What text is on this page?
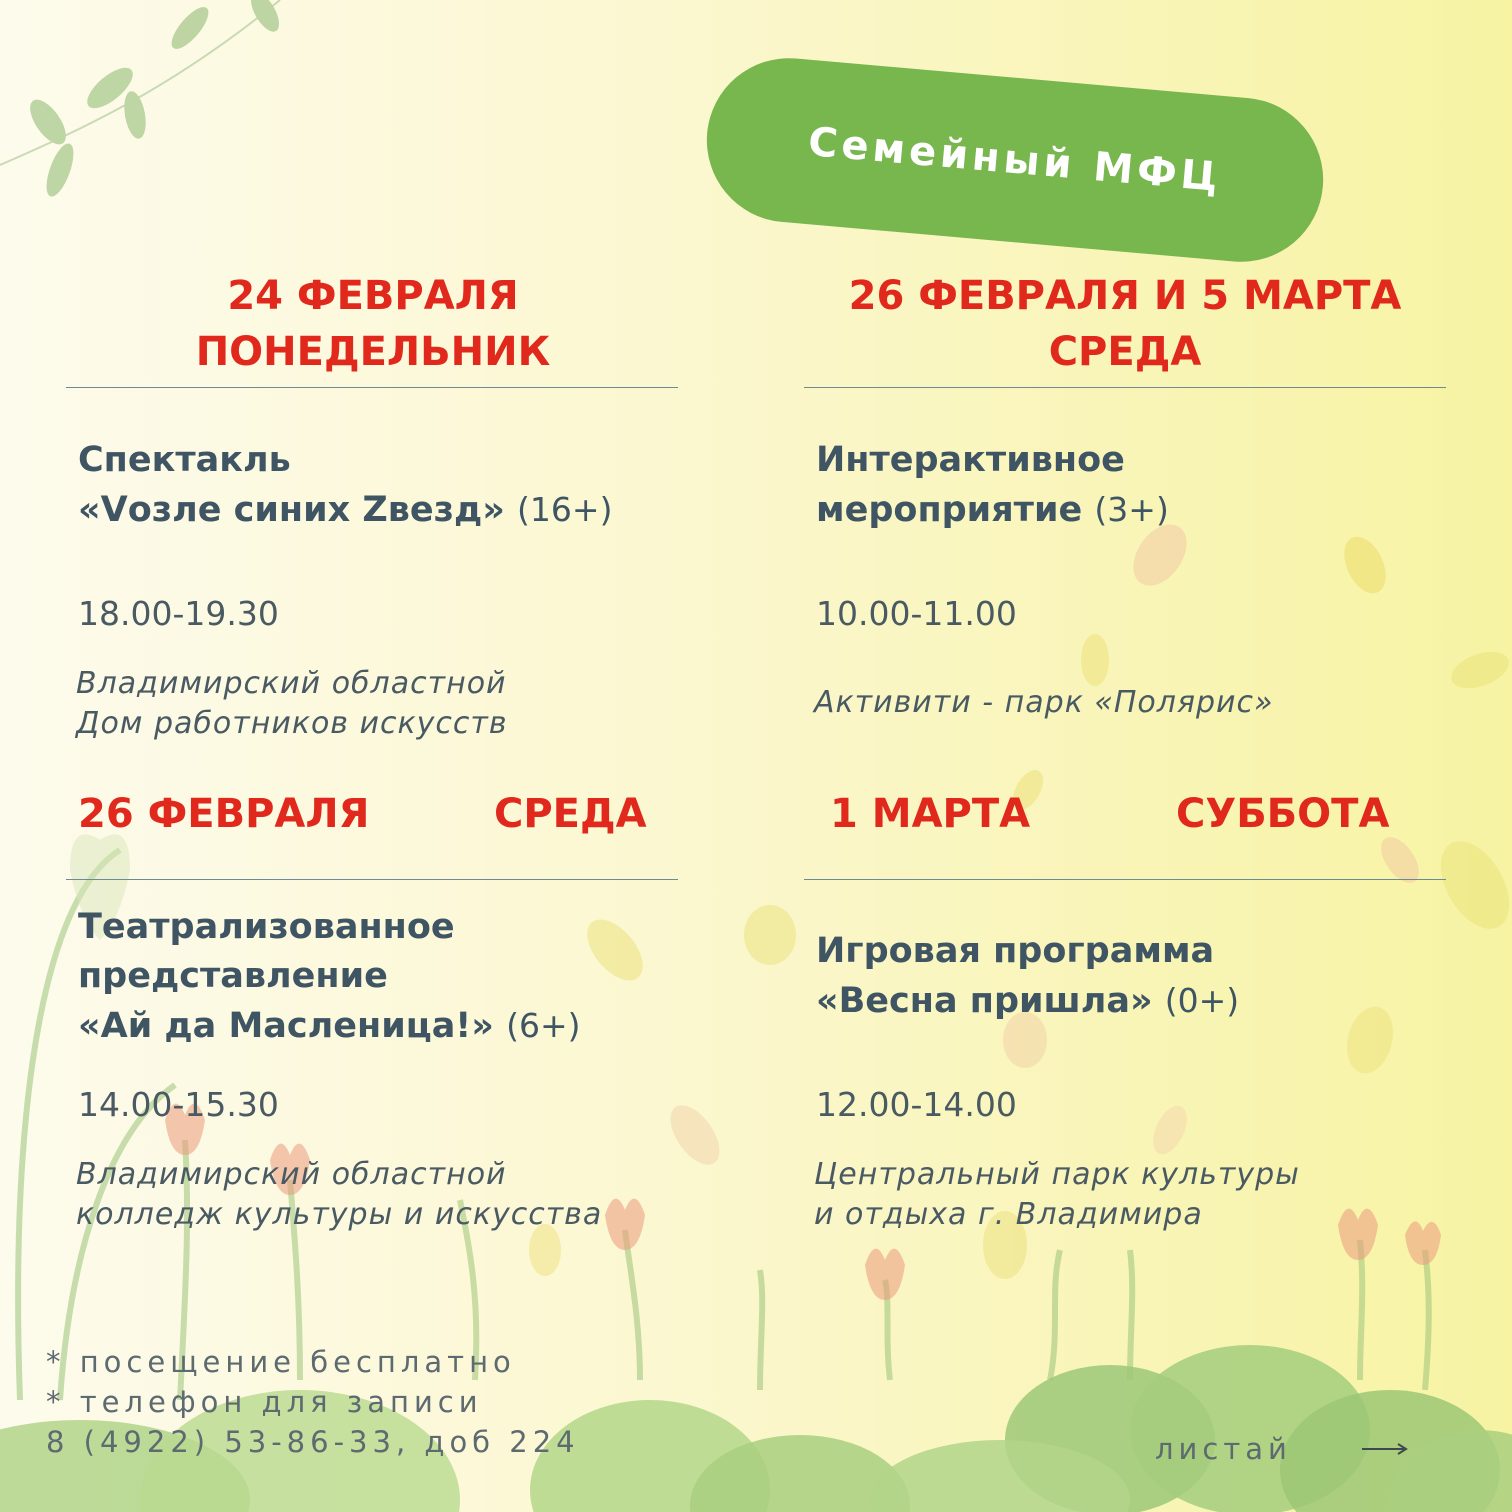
Семейный МФЦ
24 ФЕВРАЛЯ
ПОНЕДЕЛЬНИК
Спектакль
«Vозле синих Zвезд» (16+)
18.00-19.30
Владимирский областной
Дом работников искусств
26 ФЕВРАЛЯ И 5 МАРТА
СРЕДА
Интерактивное
мероприятие (3+)
10.00-11.00
Активити - парк «Полярис»
26 ФЕВРАЛЯ	СРЕДА
Театрализованное
представление
«Ай да Масленица!» (6+)
14.00-15.30
Владимирский областной
колледж культуры и искусства
1 МАРТА	СУББОТА
Игровая программа
«Весна пришла» (0+)
12.00-14.00
Центральный парк культуры
и отдыха г. Владимира
* посещение бесплатно
* телефон для записи
8 (4922) 53-86-33, доб 224	листай
